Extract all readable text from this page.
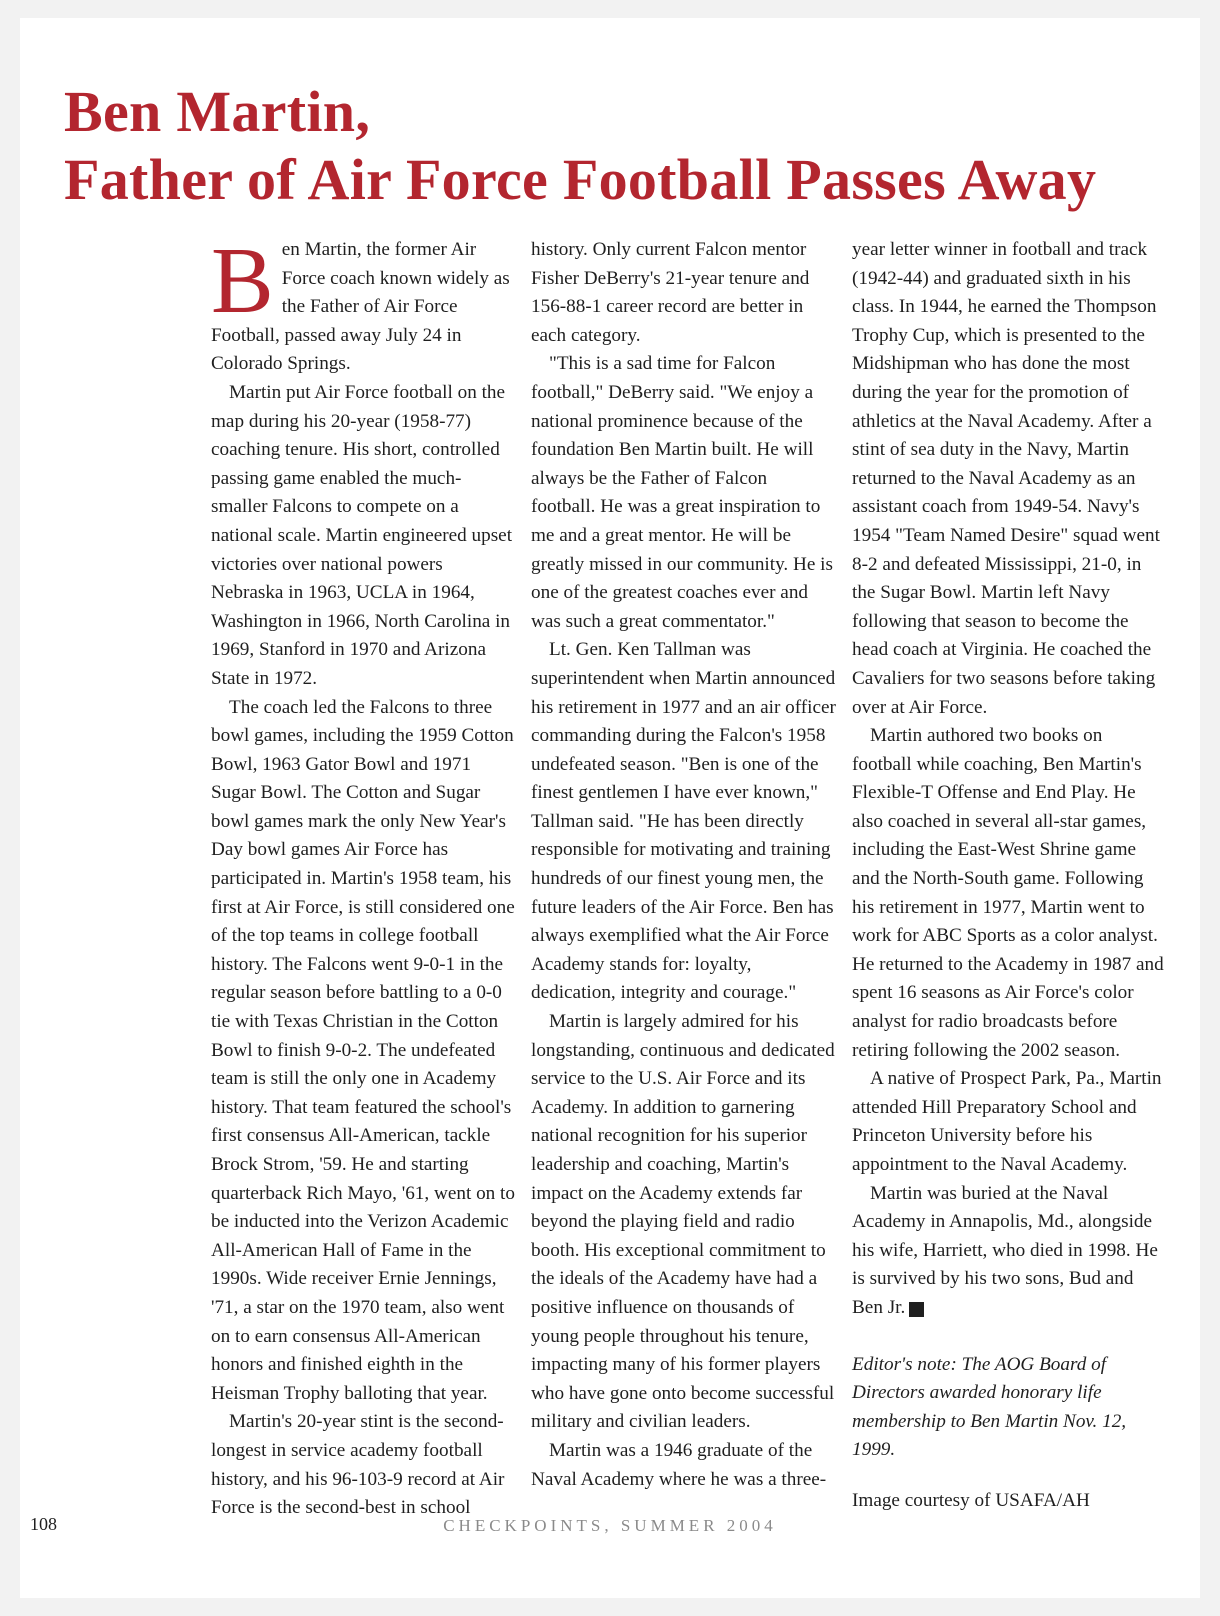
Ben Martin,
Father of Air Force Football Passes Away

Ben Martin, the former Air Force coach known widely as the Father of Air Force Football, passed away July 24 in Colorado Springs.

Martin put Air Force football on the map during his 20-year (1958-77) coaching tenure. His short, controlled passing game enabled the much-smaller Falcons to compete on a national scale. Martin engineered upset victories over national powers Nebraska in 1963, UCLA in 1964, Washington in 1966, North Carolina in 1969, Stanford in 1970 and Arizona State in 1972.

The coach led the Falcons to three bowl games, including the 1959 Cotton Bowl, 1963 Gator Bowl and 1971 Sugar Bowl. The Cotton and Sugar bowl games mark the only New Year's Day bowl games Air Force has participated in. Martin's 1958 team, his first at Air Force, is still considered one of the top teams in college football history. The Falcons went 9-0-1 in the regular season before battling to a 0-0 tie with Texas Christian in the Cotton Bowl to finish 9-0-2. The undefeated team is still the only one in Academy history. That team featured the school's first consensus All-American, tackle Brock Strom, '59. He and starting quarterback Rich Mayo, '61, went on to be inducted into the Verizon Academic All-American Hall of Fame in the 1990s. Wide receiver Ernie Jennings, '71, a star on the 1970 team, also went on to earn consensus All-American honors and finished eighth in the Heisman Trophy balloting that year.

Martin's 20-year stint is the second-longest in service academy football history, and his 96-103-9 record at Air Force is the second-best in school

history. Only current Falcon mentor Fisher DeBerry's 21-year tenure and 156-88-1 career record are better in each category.

"This is a sad time for Falcon football," DeBerry said. "We enjoy a national prominence because of the foundation Ben Martin built. He will always be the Father of Falcon football. He was a great inspiration to me and a great mentor. He will be greatly missed in our community. He is one of the greatest coaches ever and was such a great commentator."

Lt. Gen. Ken Tallman was superintendent when Martin announced his retirement in 1977 and an air officer commanding during the Falcon's 1958 undefeated season. "Ben is one of the finest gentlemen I have ever known," Tallman said. "He has been directly responsible for motivating and training hundreds of our finest young men, the future leaders of the Air Force. Ben has always exemplified what the Air Force Academy stands for: loyalty, dedication, integrity and courage."

Martin is largely admired for his longstanding, continuous and dedicated service to the U.S. Air Force and its Academy. In addition to garnering national recognition for his superior leadership and coaching, Martin's impact on the Academy extends far beyond the playing field and radio booth. His exceptional commitment to the ideals of the Academy have had a positive influence on thousands of young people throughout his tenure, impacting many of his former players who have gone onto become successful military and civilian leaders.

Martin was a 1946 graduate of the Naval Academy where he was a three-

year letter winner in football and track (1942-44) and graduated sixth in his class. In 1944, he earned the Thompson Trophy Cup, which is presented to the Midshipman who has done the most during the year for the promotion of athletics at the Naval Academy. After a stint of sea duty in the Navy, Martin returned to the Naval Academy as an assistant coach from 1949-54. Navy's 1954 "Team Named Desire" squad went 8-2 and defeated Mississippi, 21-0, in the Sugar Bowl. Martin left Navy following that season to become the head coach at Virginia. He coached the Cavaliers for two seasons before taking over at Air Force.

Martin authored two books on football while coaching, Ben Martin's Flexible-T Offense and End Play. He also coached in several all-star games, including the East-West Shrine game and the North-South game. Following his retirement in 1977, Martin went to work for ABC Sports as a color analyst. He returned to the Academy in 1987 and spent 16 seasons as Air Force's color analyst for radio broadcasts before retiring following the 2002 season.

A native of Prospect Park, Pa., Martin attended Hill Preparatory School and Princeton University before his appointment to the Naval Academy.

Martin was buried at the Naval Academy in Annapolis, Md., alongside his wife, Harriett, who died in 1998. He is survived by his two sons, Bud and Ben Jr. ✓

Editor's note: The AOG Board of Directors awarded honorary life membership to Ben Martin Nov. 12, 1999.

Image courtesy of USAFA/AH

108	CHECKPOINTS, SUMMER 2004
